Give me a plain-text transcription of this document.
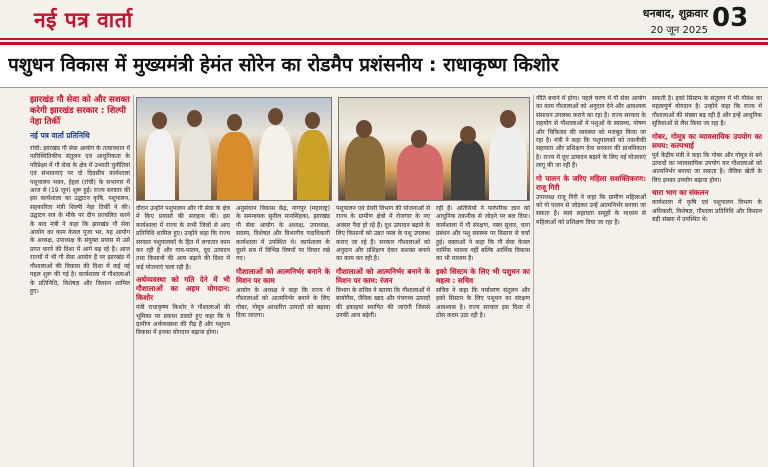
नई पत्र वार्ता	धनबाद, शुक्रवार
20 जून 2025 03
पशुधन विकास में मुख्यमंत्री हेमंत सोरेन का रोडमैप प्रशंसनीय : राधाकृष्ण किशोर
झारखंड गौ सेवा को और सशक्त करेगी झारखंड सरकार : शिल्पी नेहा तिर्की
नई पत्र वार्ता प्रतिनिधि
रांची: झारखंड गौ सेवा आयोग के तत्वावधान में पारिस्थितिकीय संतुलन एवं आधुनिकता के परिप्रेक्ष्य में गौ सेवा के क्षेत्र में उभरती चुनौतियां एवं संभावनाएं पर दो दिवसीय कार्यशाला पशुपालन भवन, हेहल (रांची) के सभागार में आज से (19 जून) शुरू हुई। राज्य सरकार की इस कार्यशाला का उद्घाटन कृषि, पशुपालन, सहकारिता मंत्री शिल्पी नेहा तिर्की ने की। उद्घाटन सत्र के मौके पर दीप प्रज्वलित करने के बाद मंत्री ने कहा कि झारखंड गौ सेवा आयोग का काम केवल पूजा भर, यह आयोग के अध्यक्ष, उपाध्यक्ष के संयुक्त प्रयास से उसे प्राप्त करने की दिशा में आगे बढ़ रहे हैं। आज राज्यों में भी गौ सेवा आयोग हैं पर झारखंड में गौशालाओं की विकास की दिशा में कई नई पहल शुरू की गई है। कार्यशाला में गौशालाओं के प्रतिनिधि, विशेषज्ञ और किसान शामिल हुए।
दौरान उन्होंने पशुपालन और गौ सेवा के क्षेत्र में किए प्रयासों की सराहना की। इस कार्यशाला में राज्य के सभी जिलों से आए प्रतिनिधि शामिल हुए। उन्होंने कहा कि राज्य सरकार पशुपालकों के हित में लगातार काम कर रही है और गाय-पालन, दूध उत्पादन तथा किसानों की आय बढ़ाने की दिशा में कई योजनाएं चला रही है।
अर्थव्यवस्था को गति देने में भी गौशालाओं का अहम योगदान: किशोर
मंत्री राधाकृष्ण किशोर ने गौशालाओं की भूमिका पर प्रकाश डालते हुए कहा कि ये ग्रामीण अर्थव्यवस्था की रीढ़ हैं और पशुधन विकास में इनका योगदान बढ़ाना होगा।
अनुसंधान विकास केंद्र, नागपुर (महाराष्ट्र) के समन्वयक सुनील मानसिंहका, झारखंड गौ सेवा आयोग के अध्यक्ष, उपाध्यक्ष, सदस्य, विशेषज्ञ और विभागीय पदाधिकारी कार्यशाला में उपस्थित थे। कार्यशाला के दूसरे सत्र में विभिन्न विषयों पर विचार रखे गए।
गौशालाओं को आत्मनिर्भर बनाने के मिशन पर काम
आयोग के अध्यक्ष ने कहा कि राज्य में गौशालाओं को आत्मनिर्भर बनाने के लिए गोबर, गोमूत्र आधारित उत्पादों को बढ़ावा दिया जाएगा।
पशुपालन एवं डेयरी विभाग की योजनाओं से राज्य के ग्रामीण क्षेत्रों में रोजगार के नए अवसर पैदा हो रहे हैं। दूध उत्पादन बढ़ाने के लिए किसानों को उन्नत नस्ल के पशु उपलब्ध कराए जा रहे हैं। सरकार गौशालाओं को अनुदान और प्रशिक्षण देकर सशक्त बनाने का काम कर रही है।
गौशालाओं को आत्मनिर्भर बनाने के मिशन पर काम: रंजन
विभाग के सचिव ने बताया कि गौशालाओं में बायोगैस, जैविक खाद और पंचगव्य उत्पादों की इकाइयां स्थापित की जाएंगी जिससे उनकी आय बढ़ेगी।
रही है। अतिथियों ने पारंपरिक ज्ञान को आधुनिक तकनीक से जोड़ने पर बल दिया। कार्यशाला में गौ संरक्षण, नस्ल सुधार, चारा प्रबंधन और पशु स्वास्थ्य पर विस्तार से चर्चा हुई। वक्ताओं ने कहा कि गौ सेवा केवल धार्मिक भावना नहीं बल्कि आर्थिक विकास का भी माध्यम है।
इको सिस्टम के लिए भी पशुधन का महत्व : सचिव
सचिव ने कहा कि पर्यावरण संतुलन और इको सिस्टम के लिए पशुधन का संरक्षण आवश्यक है। राज्य सरकार इस दिशा में ठोस कदम उठा रही है।
नीति बनाने में होगा। पहले चरण में गौ सेवा आयोग का काम गौशालाओं को अनुदान देने और आवश्यक संसाधन उपलब्ध कराने का रहा है। राज्य सरकार के सहयोग से गौशालाओं में पशुओं के स्वास्थ्य, पोषण और चिकित्सा की व्यवस्था को मजबूत किया जा रहा है। मंत्री ने कहा कि पशुपालकों को तकनीकी सहायता और प्रशिक्षण देना सरकार की प्राथमिकता है। राज्य में दूध उत्पादन बढ़ाने के लिए नई योजनाएं लागू की जा रही हैं।
गो पालन के जरिए महिला सशक्तिकरण: राजू गिरी
उपाध्यक्ष राजू गिरी ने कहा कि ग्रामीण महिलाओं को गो पालन से जोड़कर उन्हें आत्मनिर्भर बनाया जा सकता है। स्वयं सहायता समूहों के माध्यम से महिलाओं को प्रशिक्षण दिया जा रहा है।
सकती है। इको सिस्टम के संतुलन में भी गौवंश का महत्वपूर्ण योगदान है। उन्होंने कहा कि राज्य में गौशालाओं की संख्या बढ़ रही है और इन्हें आधुनिक सुविधाओं से लैस किया जा रहा है।
गोबर, गोमूत्र का व्यावसायिक उपयोग का समय: कल्पभाई
पूर्व केंद्रीय मंत्री ने कहा कि गोबर और गोमूत्र से बने उत्पादों का व्यावसायिक उपयोग कर गौशालाओं को आत्मनिर्भर बनाया जा सकता है। जैविक खेती के लिए इनका उपयोग बढ़ाना होगा।
चारा भाग का संकलन
कार्यशाला में कृषि एवं पशुपालन विभाग के अधिकारी, विशेषज्ञ, गौशाला प्रतिनिधि और किसान बड़ी संख्या में उपस्थित थे।
